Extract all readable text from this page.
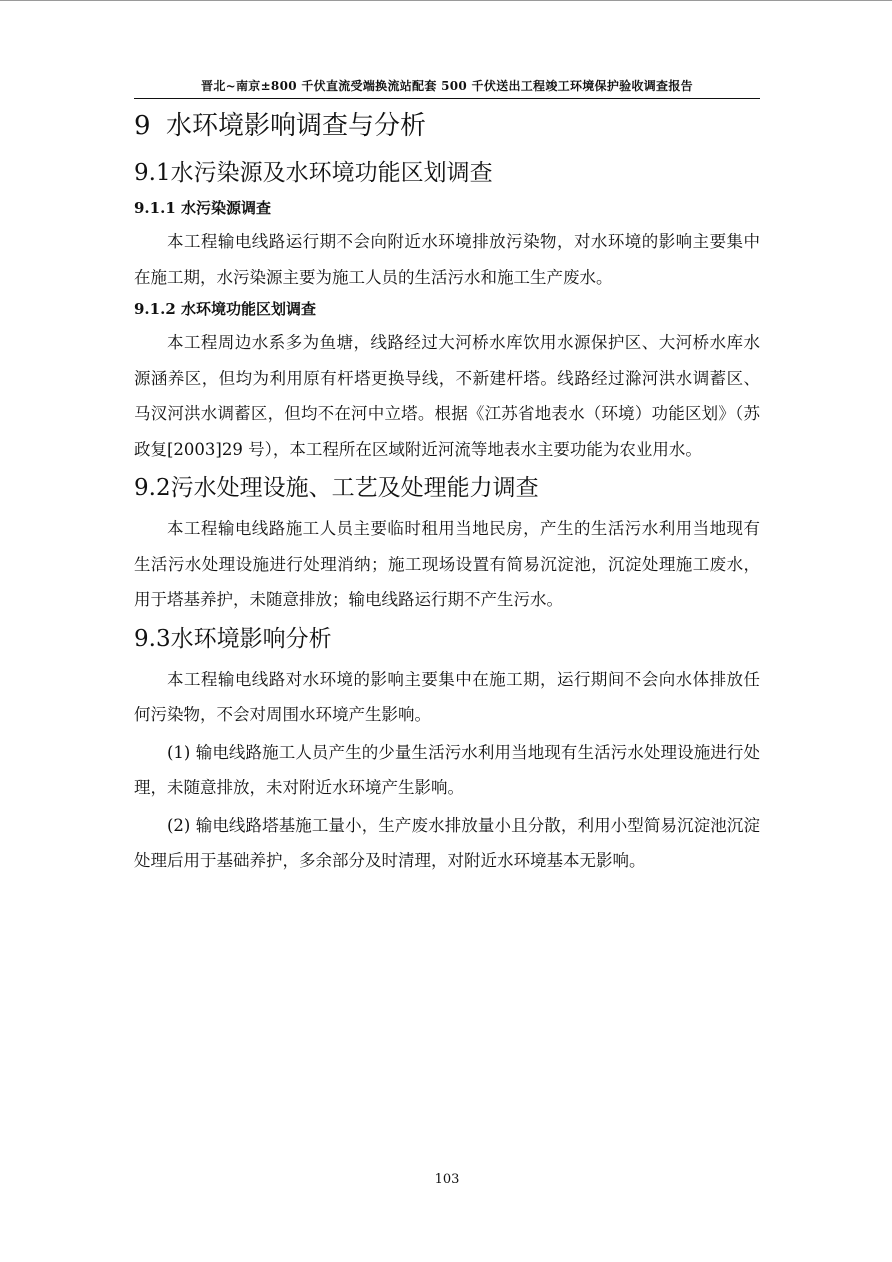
晋北~南京±800 千伏直流受端换流站配套 500 千伏送出工程竣工环境保护验收调查报告
9 水环境影响调查与分析
9.1水污染源及水环境功能区划调查
9.1.1 水污染源调查

本工程输电线路运行期不会向附近水环境排放污染物，对水环境的影响主要集中在施工期，水污染源主要为施工人员的生活污水和施工生产废水。

9.1.2 水环境功能区划调查

本工程周边水系多为鱼塘，线路经过大河桥水库饮用水源保护区、大河桥水库水源涵养区，但均为利用原有杆塔更换导线，不新建杆塔。线路经过滁河洪水调蓄区、马汊河洪水调蓄区，但均不在河中立塔。根据《江苏省地表水（环境）功能区划》（苏政复[2003]29 号），本工程所在区域附近河流等地表水主要功能为农业用水。

9.2污水处理设施、工艺及处理能力调查

本工程输电线路施工人员主要临时租用当地民房，产生的生活污水利用当地现有生活污水处理设施进行处理消纳；施工现场设置有简易沉淀池，沉淀处理施工废水，用于塔基养护，未随意排放；输电线路运行期不产生污水。

9.3水环境影响分析

本工程输电线路对水环境的影响主要集中在施工期，运行期间不会向水体排放任何污染物，不会对周围水环境产生影响。

(1) 输电线路施工人员产生的少量生活污水利用当地现有生活污水处理设施进行处理，未随意排放，未对附近水环境产生影响。

(2) 输电线路塔基施工量小，生产废水排放量小且分散，利用小型简易沉淀池沉淀处理后用于基础养护，多余部分及时清理，对附近水环境基本无影响。

103
